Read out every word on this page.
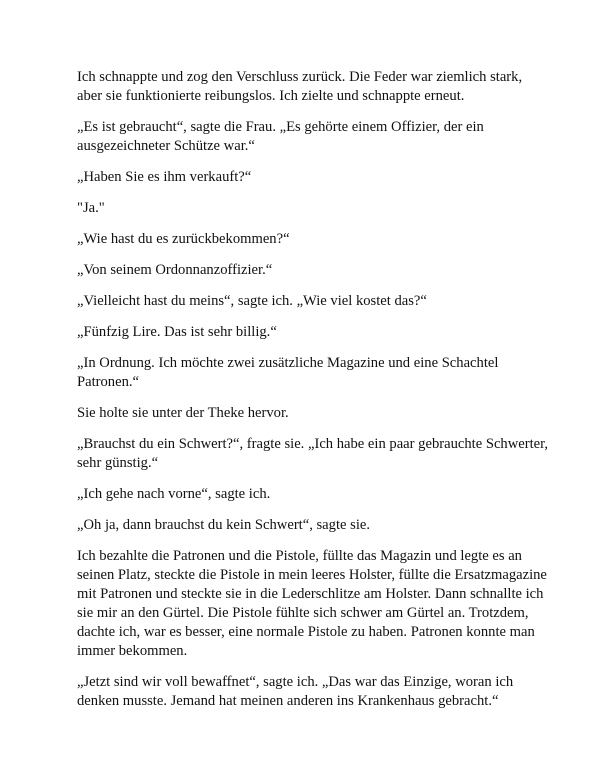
Ich schnappte und zog den Verschluss zurück. Die Feder war ziemlich stark, aber sie funktionierte reibungslos. Ich zielte und schnappte erneut.

„Es ist gebraucht“, sagte die Frau. „Es gehörte einem Offizier, der ein ausgezeichneter Schütze war.“

„Haben Sie es ihm verkauft?“

"Ja."

„Wie hast du es zurückbekommen?“

„Von seinem Ordonnanzoffizier.“

„Vielleicht hast du meins“, sagte ich. „Wie viel kostet das?“

„Fünfzig Lire. Das ist sehr billig.“

„In Ordnung. Ich möchte zwei zusätzliche Magazine und eine Schachtel Patronen.“

Sie holte sie unter der Theke hervor.

„Brauchst du ein Schwert?“, fragte sie. „Ich habe ein paar gebrauchte Schwerter, sehr günstig.“

„Ich gehe nach vorne“, sagte ich.

„Oh ja, dann brauchst du kein Schwert“, sagte sie.

Ich bezahlte die Patronen und die Pistole, füllte das Magazin und legte es an seinen Platz, steckte die Pistole in mein leeres Holster, füllte die Ersatzmagazine mit Patronen und steckte sie in die Lederschlitze am Holster. Dann schnallte ich sie mir an den Gürtel. Die Pistole fühlte sich schwer am Gürtel an. Trotzdem, dachte ich, war es besser, eine normale Pistole zu haben. Patronen konnte man immer bekommen.

„Jetzt sind wir voll bewaffnet“, sagte ich. „Das war das Einzige, woran ich denken musste. Jemand hat meinen anderen ins Krankenhaus gebracht.“
